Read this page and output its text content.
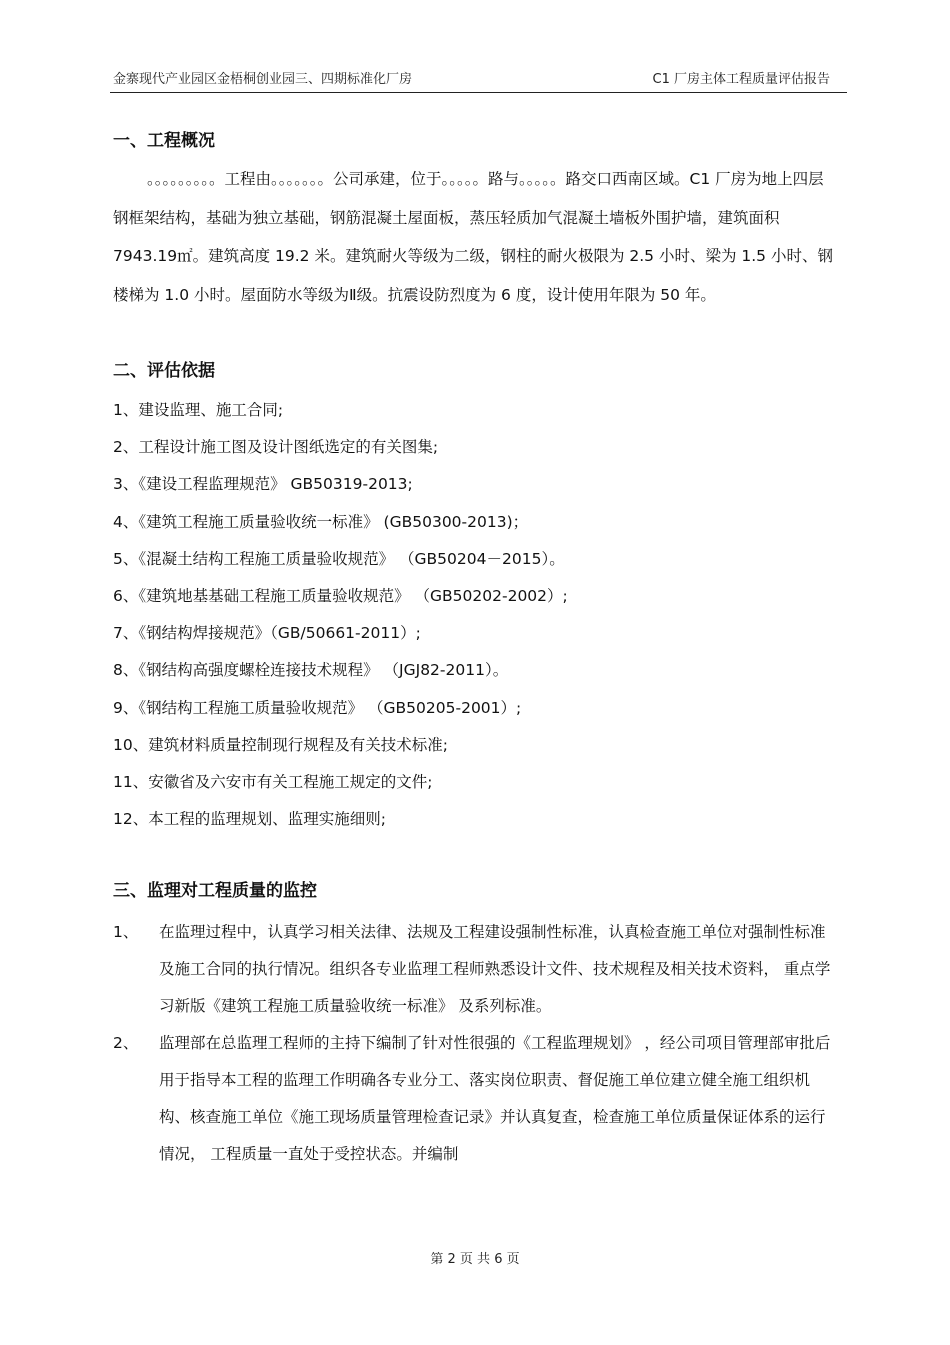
金寨现代产业园区金梧桐创业园三、四期标准化厂房	C1 厂房主体工程质量评估报告
一、工程概况

。。。。。。。。。工程由。。。。。。。公司承建，位于。。。。。路与。。。。。路交口西南区域。C1 厂房为地上四层钢框架结构，基础为独立基础，钢筋混凝土屋面板，蒸压轻质加气混凝土墙板外围护墙，建筑面积 7943.19㎡。建筑高度 19.2 米。建筑耐火等级为二级，钢柱的耐火极限为 2.5 小时、梁为 1.5 小时、钢楼梯为 1.0 小时。屋面防水等级为Ⅱ级。抗震设防烈度为 6 度，设计使用年限为 50 年。

二、评估依据

1、建设监理、施工合同;

2、工程设计施工图及设计图纸选定的有关图集;

3、《建设工程监理规范》 GB50319-2013;

4、《建筑工程施工质量验收统一标准》 (GB50300-2013)；

5、《混凝土结构工程施工质量验收规范》 （GB50204－2015）。

6、《建筑地基基础工程施工质量验收规范》 （GB50202-2002）;

7、《钢结构焊接规范》（GB/50661-2011）;

8、《钢结构高强度螺栓连接技术规程》 （JGJ82-2011）。

9、《钢结构工程施工质量验收规范》 （GB50205-2001）;

10、建筑材料质量控制现行规程及有关技术标准;

11、安徽省及六安市有关工程施工规定的文件;

12、本工程的监理规划、监理实施细则;

三、监理对工程质量的监控
1、	在监理过程中，认真学习相关法律、法规及工程建设强制性标准，认真检查施工单位对强制性标准及施工合同的执行情况。组织各专业监理工程师熟悉设计文件、技术规程及相关技术资料， 重点学习新版《建筑工程施工质量验收统一标准》 及系列标准。
2、	监理部在总监理工程师的主持下编制了针对性很强的《工程监理规划》 ，经公司项目管理部审批后用于指导本工程的监理工作明确各专业分工、落实岗位职责、督促施工单位建立健全施工组织机构、核查施工单位《施工现场质量管理检查记录》并认真复查，检查施工单位质量保证体系的运行情况， 工程质量一直处于受控状态。并编制
第 2 页 共 6 页
